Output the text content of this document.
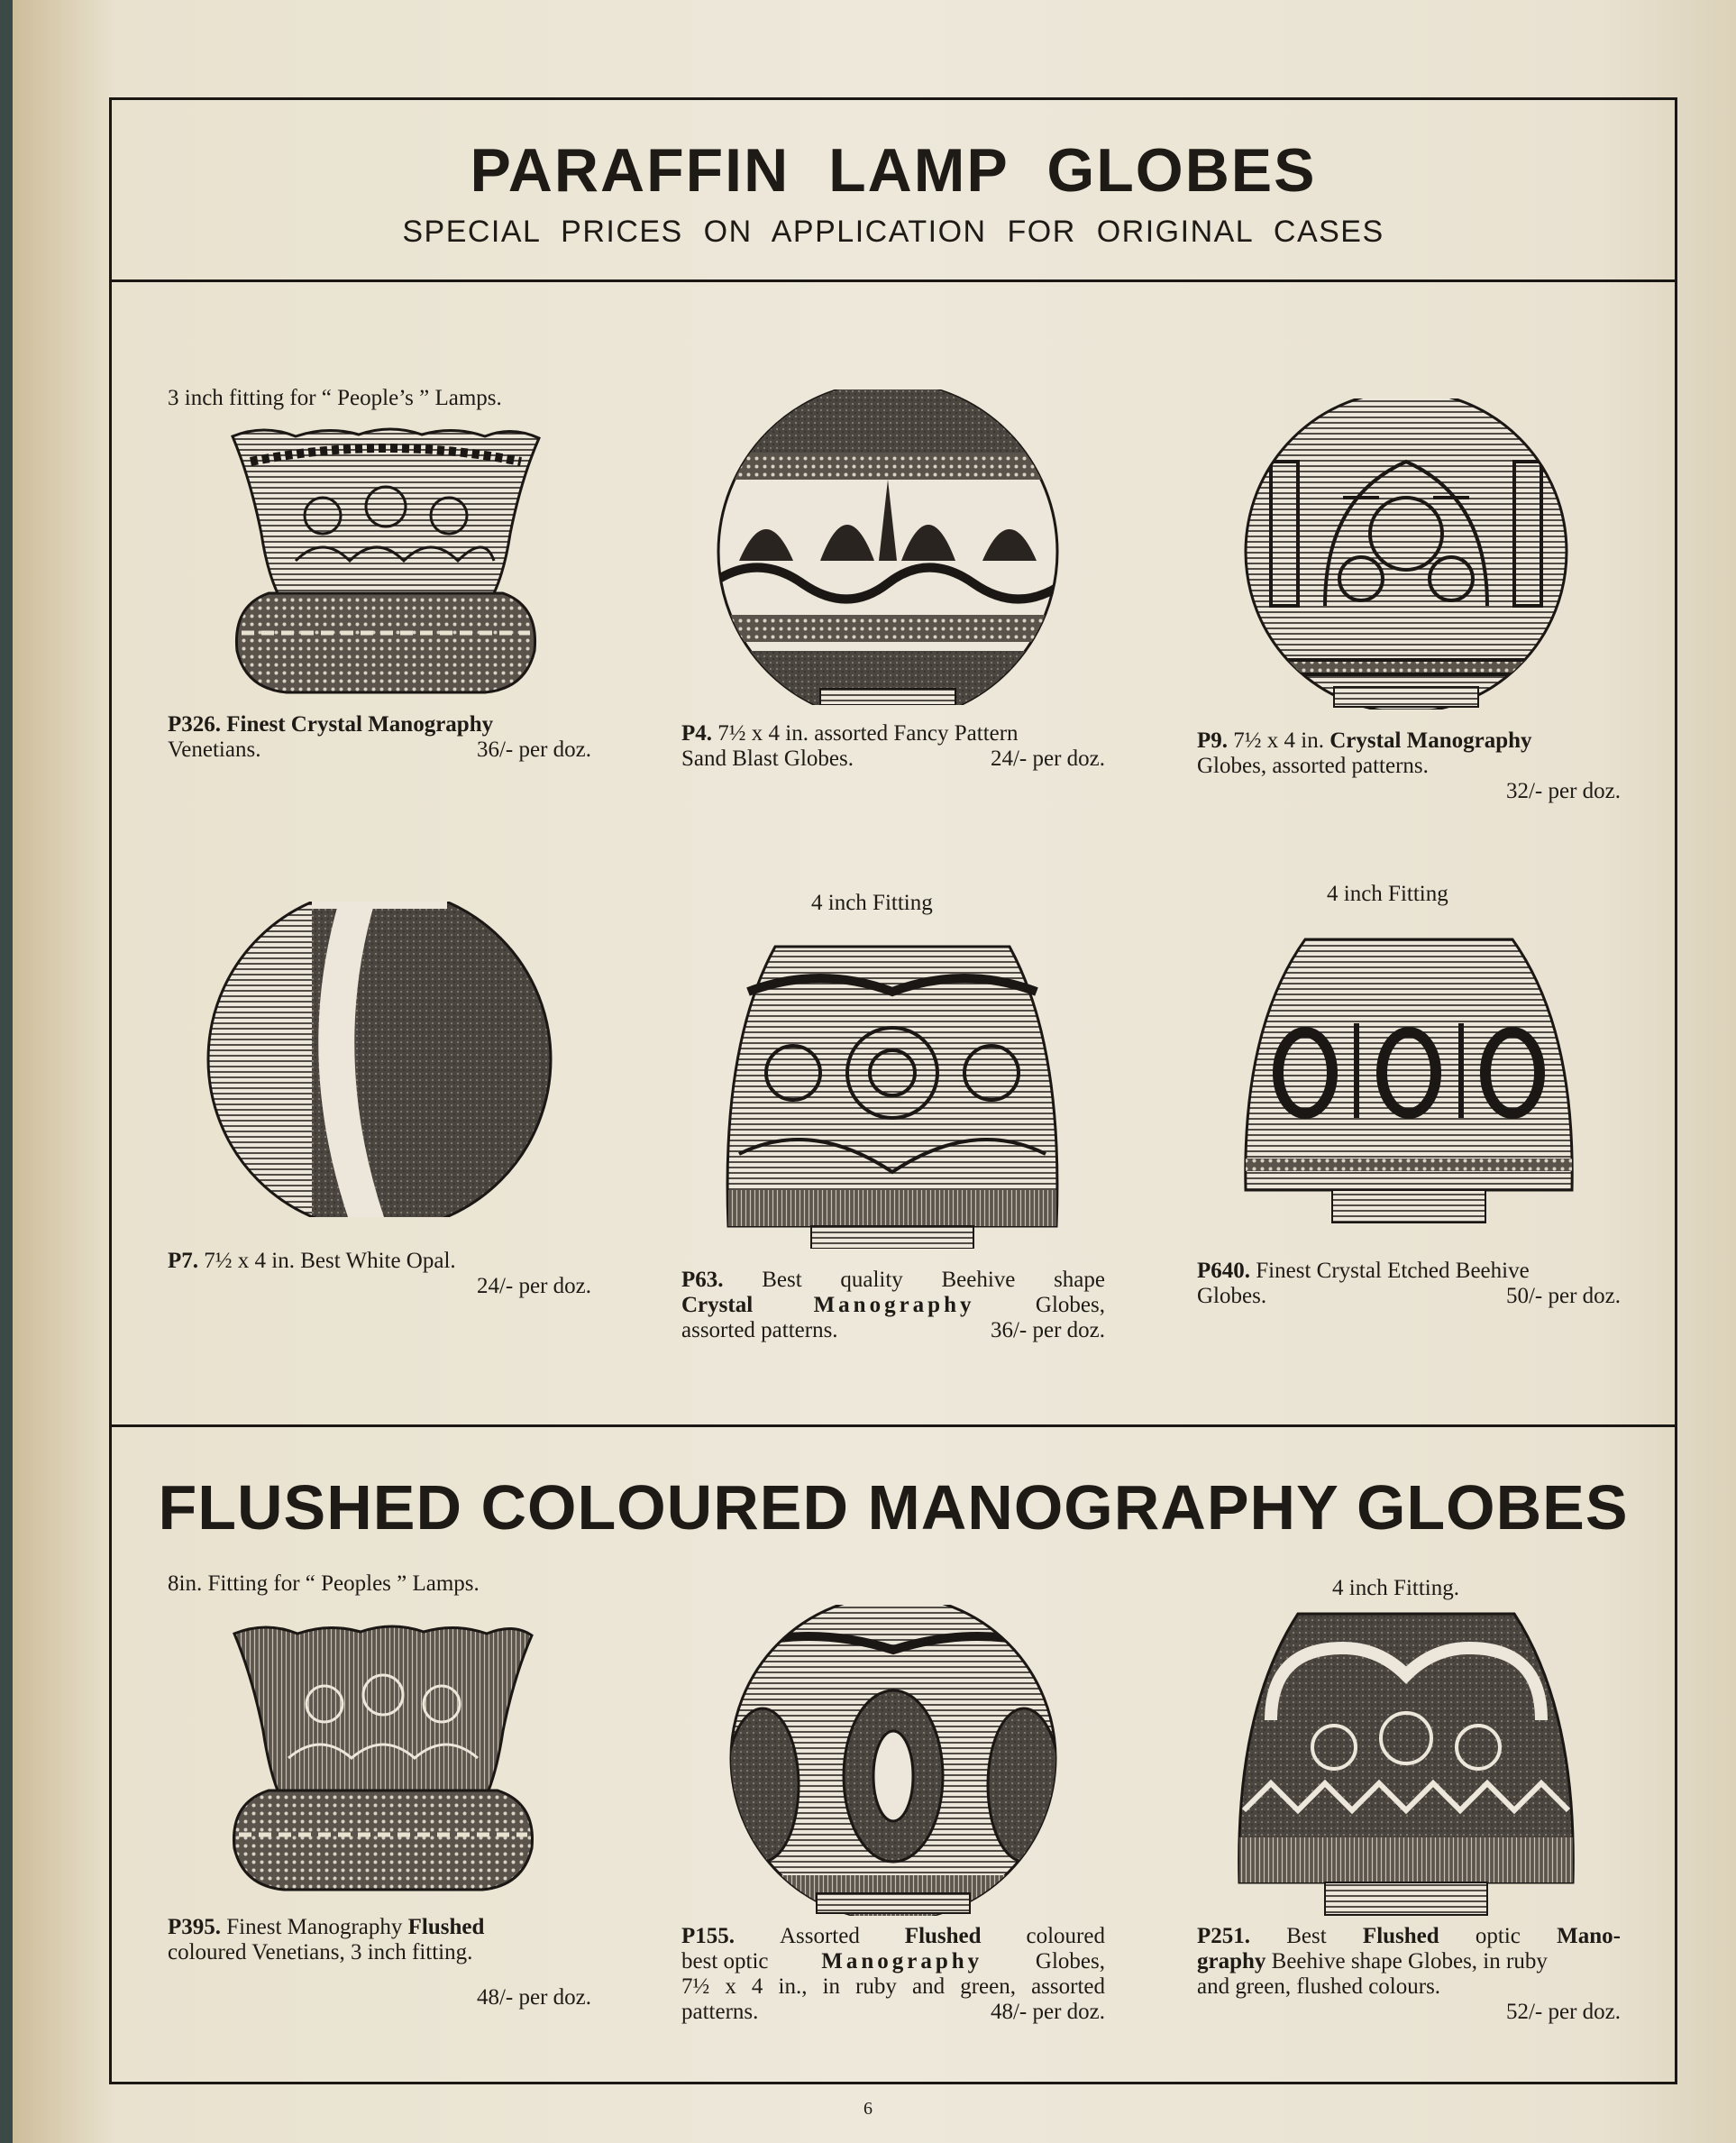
PARAFFIN LAMP GLOBES

SPECIAL PRICES ON APPLICATION FOR ORIGINAL CASES

3 inch fitting for “ People’s ” Lamps.
P326. Finest Crystal Manography
Venetians.	36/- per doz.
P4. 7½ x 4 in. assorted Fancy Pattern
Sand Blast Globes.	24/- per doz.
P9. 7½ x 4 in. Crystal Manography
Globes, assorted patterns.
32/- per doz.
4 inch Fitting	4 inch Fitting
P7. 7½ x 4 in. Best White Opal.
24/- per doz.	P63. Best quality Beehive shape
Crystal	Manography	Globes,
assorted patterns.	36/- per doz.
P640. Finest Crystal Etched Beehive
Globes.	50/- per doz.
FLUSHED COLOURED MANOGRAPHY GLOBES
8in. Fitting for “ Peoples ” Lamps.	4 inch Fitting.
P395. Finest Manography Flushed
coloured Venetians, 3 inch fitting.
48/- per doz.
P155. Assorted Flushed coloured
best optic Manography Globes,
7½ x 4 in., in ruby and green, assorted
patterns.	48/- per doz.
P251. Best Flushed optic Mano-
graphy Beehive shape Globes, in ruby
and green, flushed colours.
52/- per doz.
6
